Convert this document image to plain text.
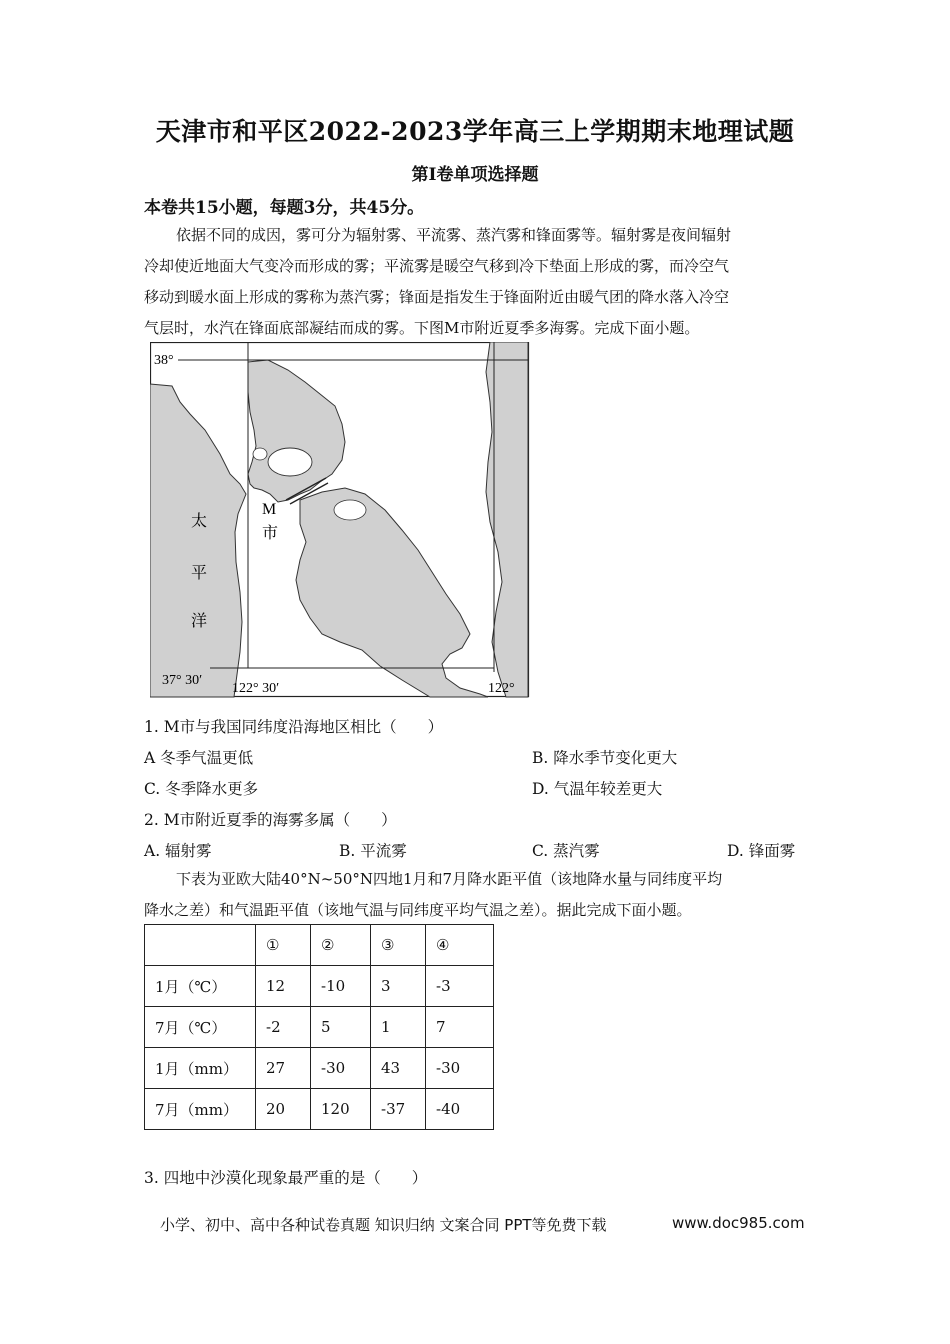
天津市和平区2022-2023学年高三上学期期末地理试题
第I卷单项选择题
本卷共15小题，每题3分，共45分。
依据不同的成因，雾可分为辐射雾、平流雾、蒸汽雾和锋面雾等。辐射雾是夜间辐射
冷却使近地面大气变冷而形成的雾；平流雾是暖空气移到冷下垫面上形成的雾，而冷空气
移动到暖水面上形成的雾称为蒸汽雾；锋面是指发生于锋面附近由暖气团的降水落入冷空
气层时，水汽在锋面底部凝结而成的雾。下图M市附近夏季多海雾。完成下面小题。
38°
37° 30′
122° 30′	122°
太
平
洋
M
市
1. M市与我国同纬度沿海地区相比（　　）
A 冬季气温更低	B. 降水季节变化更大
C. 冬季降水更多	D. 气温年较差更大
2. M市附近夏季的海雾多属（　　）
A. 辐射雾	B. 平流雾	C. 蒸汽雾	D. 锋面雾
下表为亚欧大陆40°N~50°N四地1月和7月降水距平值（该地降水量与同纬度平均
降水之差）和气温距平值（该地气温与同纬度平均气温之差）。据此完成下面小题。
	①	②	③	④
1月（℃）	12	-10	3	-3
7月（℃）	-2	5	1	7
1月（mm）	27	-30	43	-30
7月（mm）	20	120	-37	-40
3. 四地中沙漠化现象最严重的是（　　）
小学、初中、高中各种试卷真题 知识归纳 文案合同 PPT等免费下载	www.doc985.com
